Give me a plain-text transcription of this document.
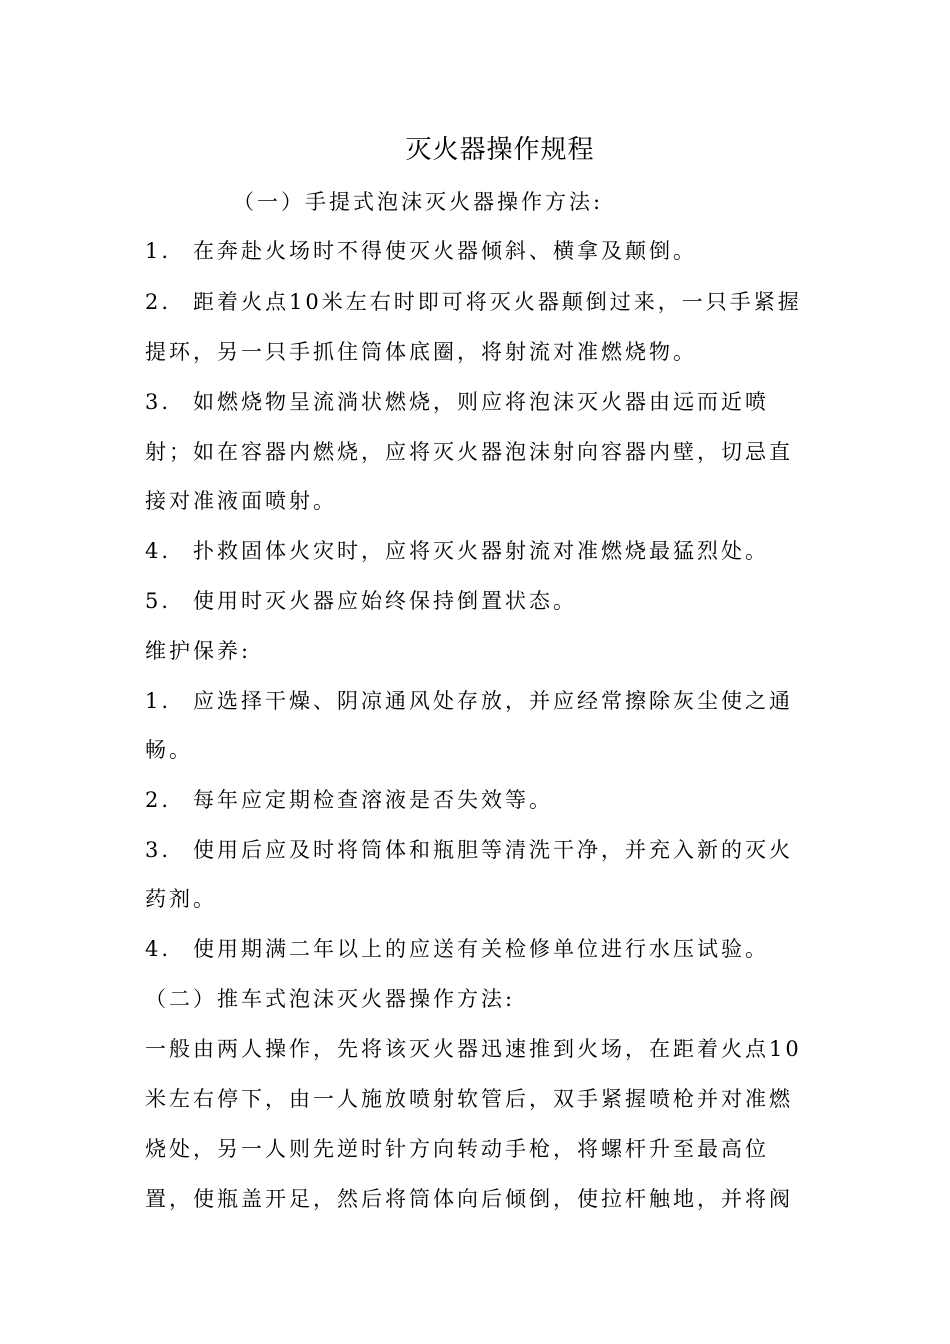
灭火器操作规程
（一）手提式泡沫灭火器操作方法:
1. 在奔赴火场时不得使灭火器倾斜、横拿及颠倒。
2. 距着火点10米左右时即可将灭火器颠倒过来，一只手紧握
提环，另一只手抓住筒体底圈，将射流对准燃烧物。
3. 如燃烧物呈流淌状燃烧，则应将泡沫灭火器由远而近喷
射；如在容器内燃烧，应将灭火器泡沫射向容器内壁，切忌直
接对准液面喷射。
4. 扑救固体火灾时，应将灭火器射流对准燃烧最猛烈处。
5. 使用时灭火器应始终保持倒置状态。
维护保养:
1. 应选择干燥、阴凉通风处存放，并应经常擦除灰尘使之通
畅。
2. 每年应定期检查溶液是否失效等。
3. 使用后应及时将筒体和瓶胆等清洗干净，并充入新的灭火
药剂。
4. 使用期满二年以上的应送有关检修单位进行水压试验。
（二）推车式泡沫灭火器操作方法:
一般由两人操作，先将该灭火器迅速推到火场，在距着火点10
米左右停下，由一人施放喷射软管后，双手紧握喷枪并对准燃
烧处，另一人则先逆时针方向转动手枪，将螺杆升至最高位
置，使瓶盖开足，然后将筒体向后倾倒，使拉杆触地，并将阀
